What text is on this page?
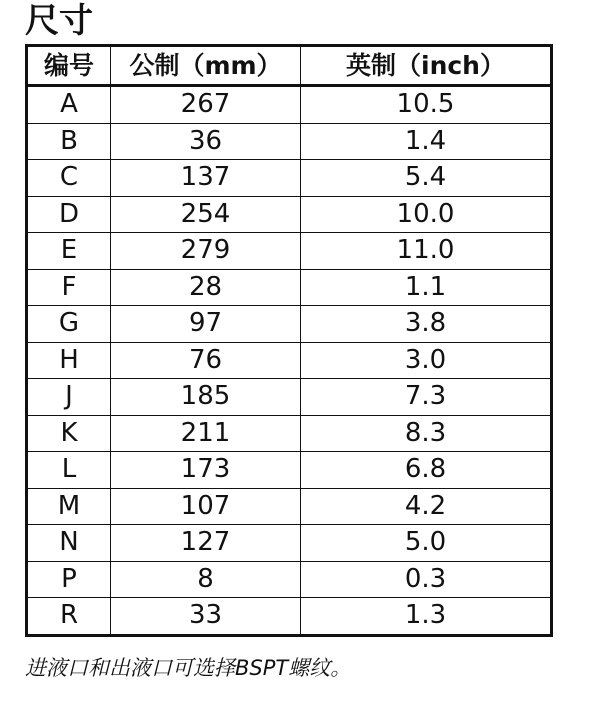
尺寸
编号	公制（mm）	英制（inch）
A	267	10.5
B	36	1.4
C	137	5.4
D	254	10.0
E	279	11.0
F	28	1.1
G	97	3.8
H	76	3.0
J	185	7.3
K	211	8.3
L	173	6.8
M	107	4.2
N	127	5.0
P	8	0.3
R	33	1.3
进液口和出液口可选择BSPT螺纹。
